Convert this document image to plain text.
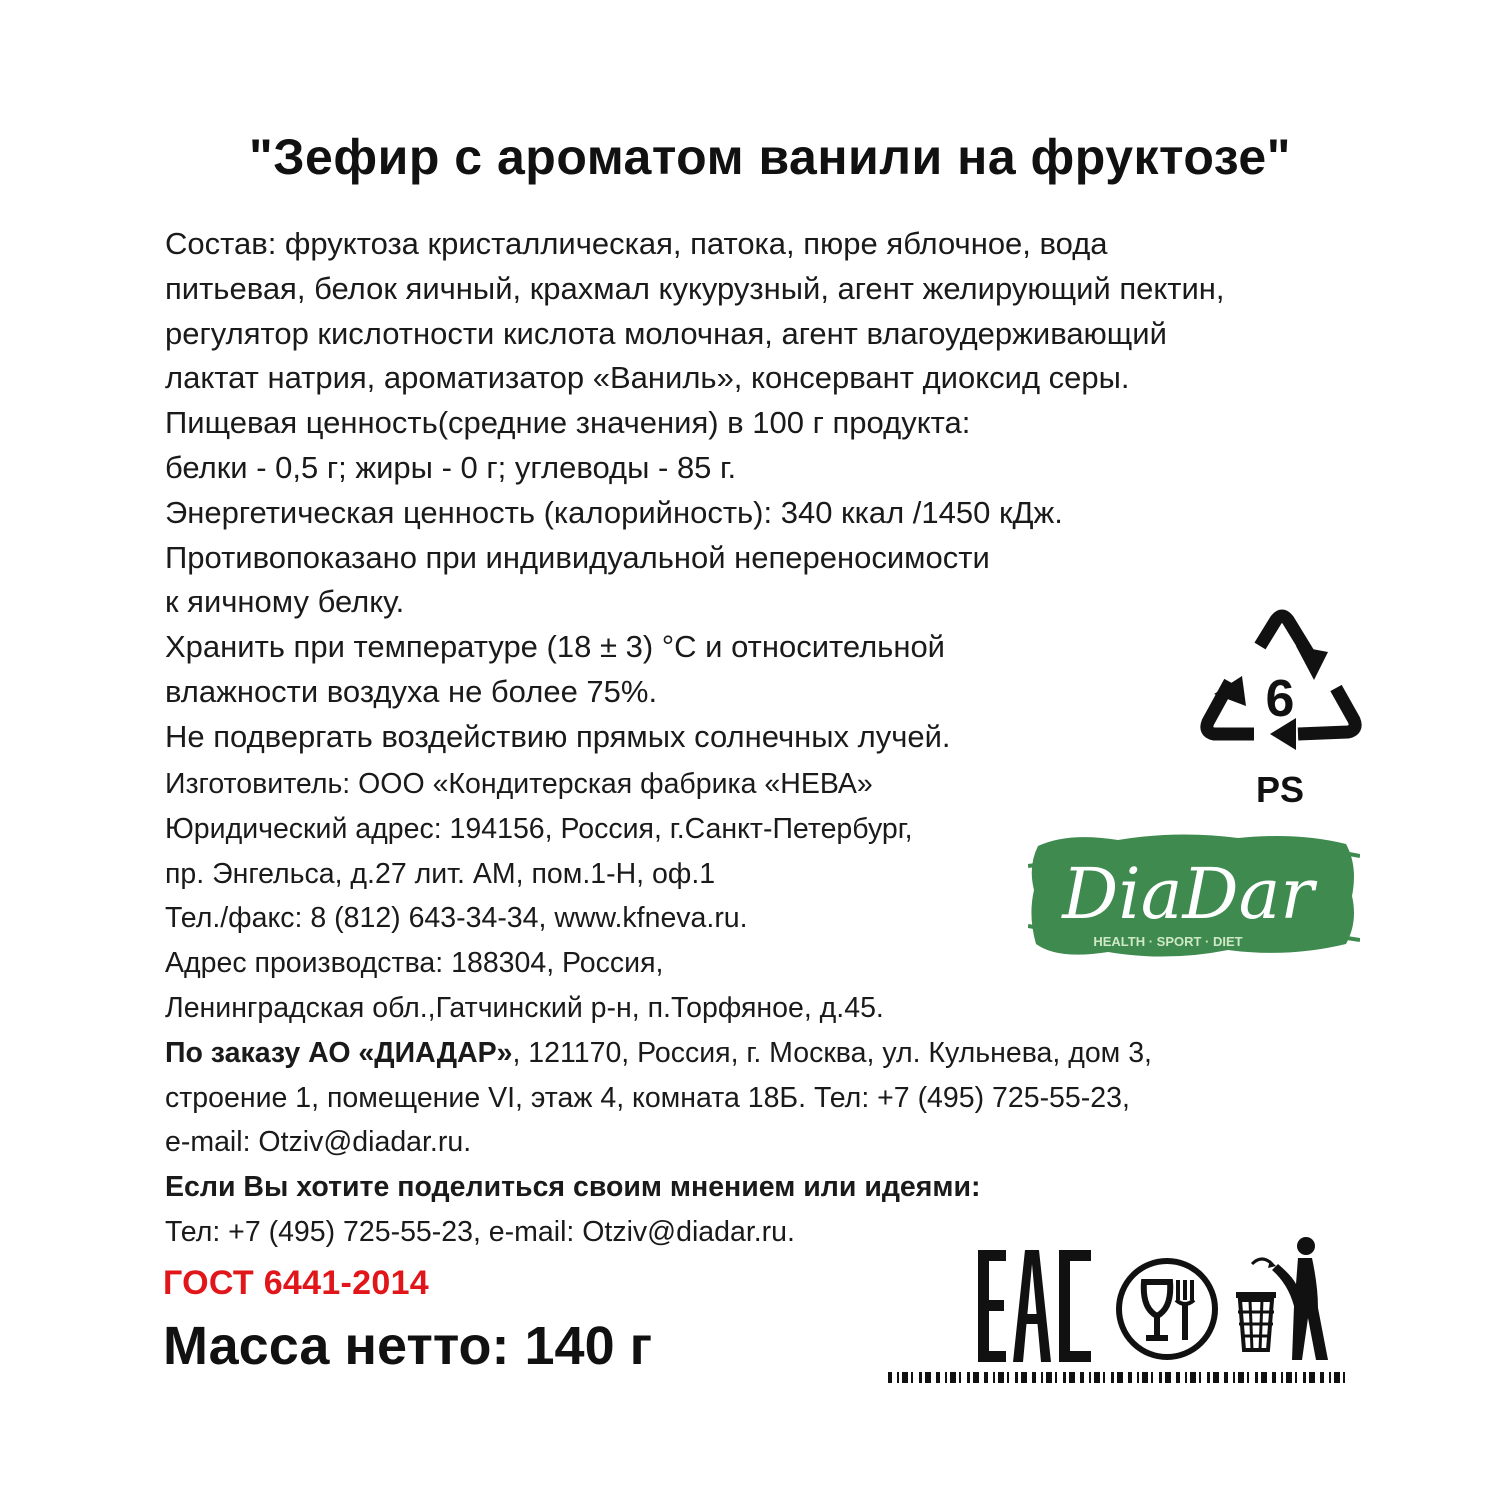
"Зефир с ароматом ванили на фруктозе"
Состав: фруктоза кристаллическая, патока, пюре яблочное, вода
питьевая, белок яичный, крахмал кукурузный, агент желирующий пектин,
регулятор кислотности кислота молочная, агент влагоудерживающий
лактат натрия, ароматизатор «Ваниль», консервант диоксид серы.
Пищевая ценность(средние значения) в 100 г продукта:
белки - 0,5 г; жиры - 0 г; углеводы - 85 г.
Энергетическая ценность (калорийность): 340 ккал /1450 кДж.
Противопоказано при индивидуальной непереносимости
к яичному белку.
Хранить при температуре (18 ± 3) °С и относительной
влажности воздуха не более 75%.
Не подвергать воздействию прямых солнечных лучей.
Изготовитель: ООО «Кондитерская фабрика «НЕВА»
Юридический адрес: 194156, Россия, г.Санкт-Петербург,
пр. Энгельса, д.27 лит. АМ, пом.1-Н, оф.1
Тел./факс: 8 (812) 643-34-34, www.kfneva.ru.
Адрес производства: 188304, Россия,
Ленинградская обл.,Гатчинский р-н, п.Торфяное, д.45.
По заказу АО «ДИАДАР», 121170, Россия, г. Москва, ул. Кульнева, дом 3,
строение 1, помещение VI, этаж 4, комната 18Б. Тел: +7 (495) 725-55-23,
e-mail: Otziv@diadar.ru.
Если Вы хотите поделиться своим мнением или идеями:
Тел: +7 (495) 725-55-23, e-mail: Otziv@diadar.ru.
ГОСТ 6441-2014
Масса нетто: 140 г
6
PS
DiaDar
HEALTH · SPORT · DIET
